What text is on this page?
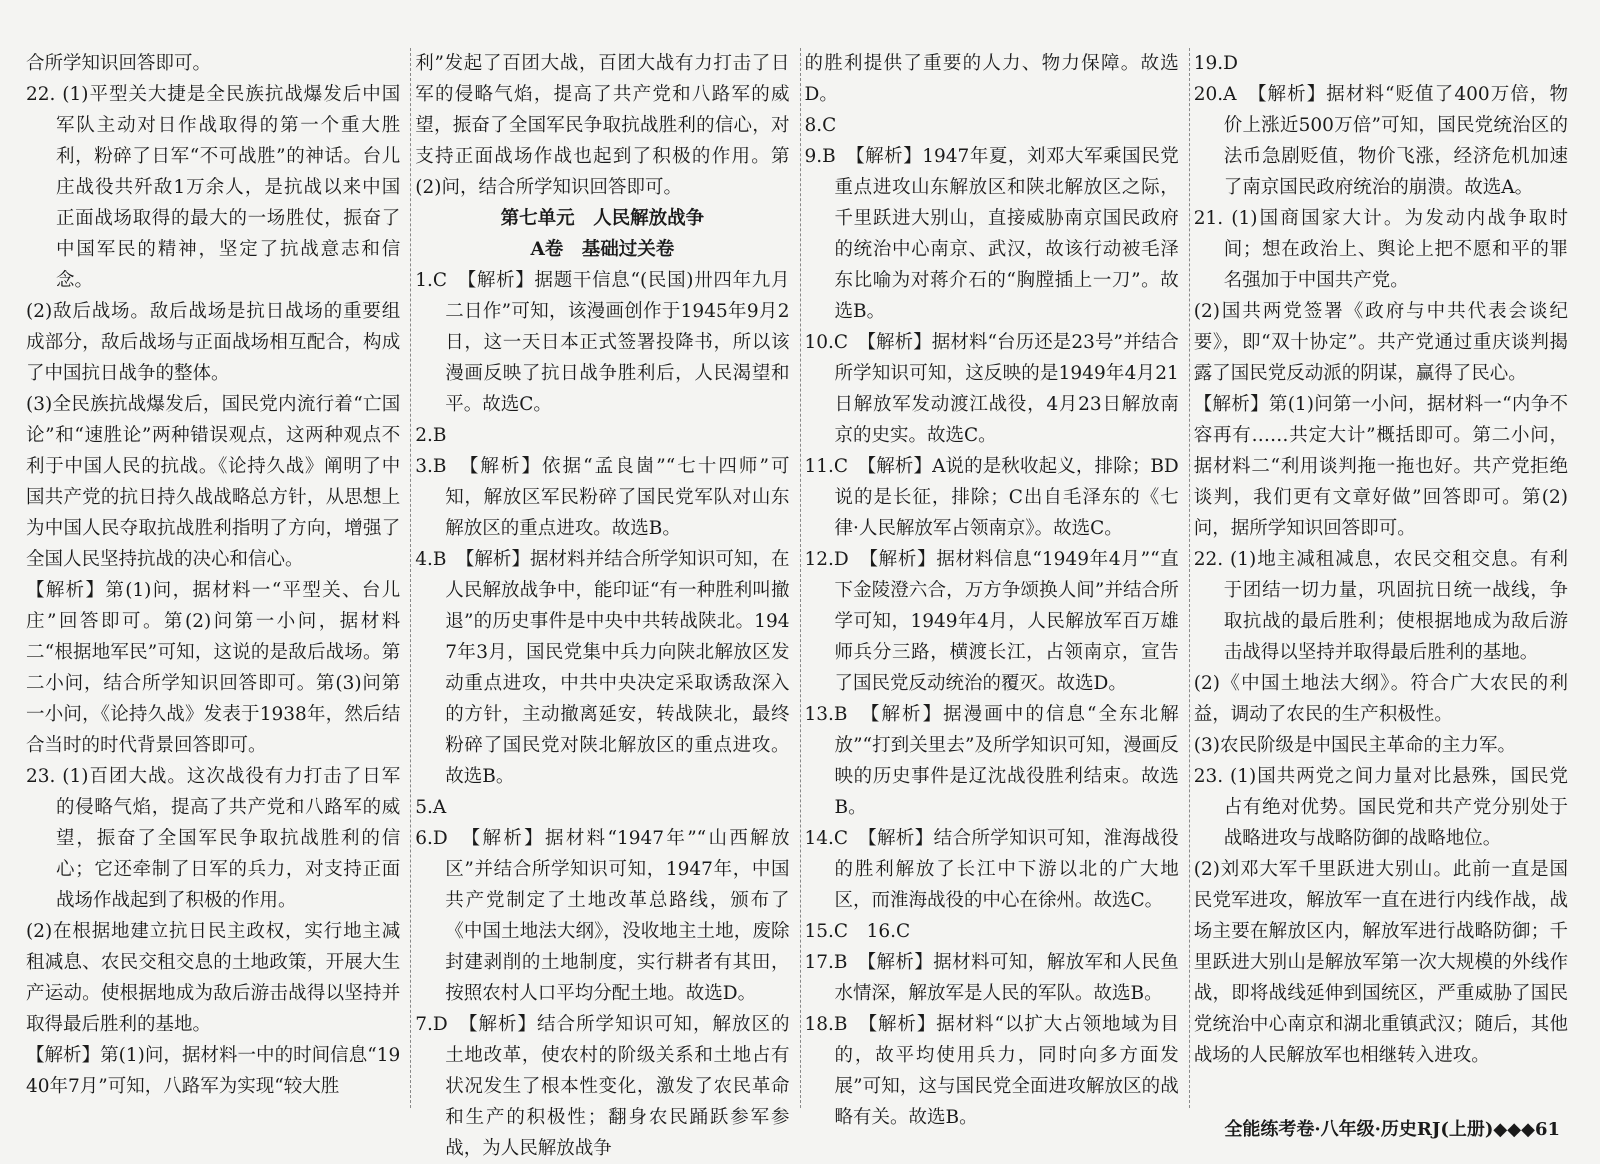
合所学知识回答即可。

22. (1)平型关大捷是全民族抗战爆发后中国军队主动对日作战取得的第一个重大胜利，粉碎了日军“不可战胜”的神话。台儿庄战役共歼敌1万余人，是抗战以来中国正面战场取得的最大的一场胜仗，振奋了中国军民的精神，坚定了抗战意志和信念。

(2)敌后战场。敌后战场是抗日战场的重要组成部分，敌后战场与正面战场相互配合，构成了中国抗日战争的整体。

(3)全民族抗战爆发后，国民党内流行着“亡国论”和“速胜论”两种错误观点，这两种观点不利于中国人民的抗战。《论持久战》阐明了中国共产党的抗日持久战战略总方针，从思想上为中国人民夺取抗战胜利指明了方向，增强了全国人民坚持抗战的决心和信心。

【解析】第(1)问，据材料一“平型关、台儿庄”回答即可。第(2)问第一小问，据材料二“根据地军民”可知，这说的是敌后战场。第二小问，结合所学知识回答即可。第(3)问第一小问，《论持久战》发表于1938年，然后结合当时的时代背景回答即可。

23. (1)百团大战。这次战役有力打击了日军的侵略气焰，提高了共产党和八路军的威望，振奋了全国军民争取抗战胜利的信心；它还牵制了日军的兵力，对支持正面战场作战起到了积极的作用。

(2)在根据地建立抗日民主政权，实行地主减租减息、农民交租交息的土地政策，开展大生产运动。使根据地成为敌后游击战得以坚持并取得最后胜利的基地。

【解析】第(1)问，据材料一中的时间信息“1940年7月”可知，八路军为实现“较大胜

利”发起了百团大战，百团大战有力打击了日军的侵略气焰，提高了共产党和八路军的威望，振奋了全国军民争取抗战胜利的信心，对支持正面战场作战也起到了积极的作用。第(2)问，结合所学知识回答即可。

第七单元　人民解放战争

A卷　基础过关卷

1.C　【解析】据题干信息“(民国)卅四年九月二日作”可知，该漫画创作于1945年9月2日，这一天日本正式签署投降书，所以该漫画反映了抗日战争胜利后，人民渴望和平。故选C。

2.B

3.B　【解析】依据“孟良崮”“七十四师”可知，解放区军民粉碎了国民党军队对山东解放区的重点进攻。故选B。

4.B　【解析】据材料并结合所学知识可知，在人民解放战争中，能印证“有一种胜利叫撤退”的历史事件是中央中共转战陕北。1947年3月，国民党集中兵力向陕北解放区发动重点进攻，中共中央决定采取诱敌深入的方针，主动撤离延安，转战陕北，最终粉碎了国民党对陕北解放区的重点进攻。故选B。

5.A

6.D　【解析】据材料“1947年”“山西解放区”并结合所学知识可知，1947年，中国共产党制定了土地改革总路线，颁布了《中国土地法大纲》，没收地主土地，废除封建剥削的土地制度，实行耕者有其田，按照农村人口平均分配土地。故选D。

7.D　【解析】结合所学知识可知，解放区的土地改革，使农村的阶级关系和土地占有状况发生了根本性变化，激发了农民革命和生产的积极性；翻身农民踊跃参军参战，为人民解放战争

的胜利提供了重要的人力、物力保障。故选D。

8.C

9.B　【解析】1947年夏，刘邓大军乘国民党重点进攻山东解放区和陕北解放区之际，千里跃进大别山，直接威胁南京国民政府的统治中心南京、武汉，故该行动被毛泽东比喻为对蒋介石的“胸膛插上一刀”。故选B。

10.C　【解析】据材料“台历还是23号”并结合所学知识可知，这反映的是1949年4月21日解放军发动渡江战役，4月23日解放南京的史实。故选C。

11.C　【解析】A说的是秋收起义，排除；BD说的是长征，排除；C出自毛泽东的《七律·人民解放军占领南京》。故选C。

12.D　【解析】据材料信息“1949年4月”“直下金陵澄六合，万方争颂换人间”并结合所学可知，1949年4月，人民解放军百万雄师兵分三路，横渡长江，占领南京，宣告了国民党反动统治的覆灭。故选D。

13.B　【解析】据漫画中的信息“全东北解放”“打到关里去”及所学知识可知，漫画反映的历史事件是辽沈战役胜利结束。故选B。

14.C　【解析】结合所学知识可知，淮海战役的胜利解放了长江中下游以北的广大地区，而淮海战役的中心在徐州。故选C。

15.C　16.C

17.B　【解析】据材料可知，解放军和人民鱼水情深，解放军是人民的军队。故选B。

18.B　【解析】据材料“以扩大占领地域为目的，故平均使用兵力，同时向多方面发展”可知，这与国民党全面进攻解放区的战略有关。故选B。

19.D

20.A　【解析】据材料“贬值了400万倍，物价上涨近500万倍”可知，国民党统治区的法币急剧贬值，物价飞涨，经济危机加速了南京国民政府统治的崩溃。故选A。

21. (1)国商国家大计。为发动内战争取时间；想在政治上、舆论上把不愿和平的罪名强加于中国共产党。

(2)国共两党签署《政府与中共代表会谈纪要》，即“双十协定”。共产党通过重庆谈判揭露了国民党反动派的阴谋，赢得了民心。

【解析】第(1)问第一小问，据材料一“内争不容再有……共定大计”概括即可。第二小问，据材料二“利用谈判拖一拖也好。共产党拒绝谈判，我们更有文章好做”回答即可。第(2)问，据所学知识回答即可。

22. (1)地主减租减息，农民交租交息。有利于团结一切力量，巩固抗日统一战线，争取抗战的最后胜利；使根据地成为敌后游击战得以坚持并取得最后胜利的基地。

(2)《中国土地法大纲》。符合广大农民的利益，调动了农民的生产积极性。

(3)农民阶级是中国民主革命的主力军。

23. (1)国共两党之间力量对比悬殊，国民党占有绝对优势。国民党和共产党分别处于战略进攻与战略防御的战略地位。

(2)刘邓大军千里跃进大别山。此前一直是国民党军进攻，解放军一直在进行内线作战，战场主要在解放区内，解放军进行战略防御；千里跃进大别山是解放军第一次大规模的外线作战，即将战线延伸到国统区，严重威胁了国民党统治中心南京和湖北重镇武汉；随后，其他战场的人民解放军也相继转入进攻。

全能练考卷·八年级·历史RJ(上册)◆◆◆61
